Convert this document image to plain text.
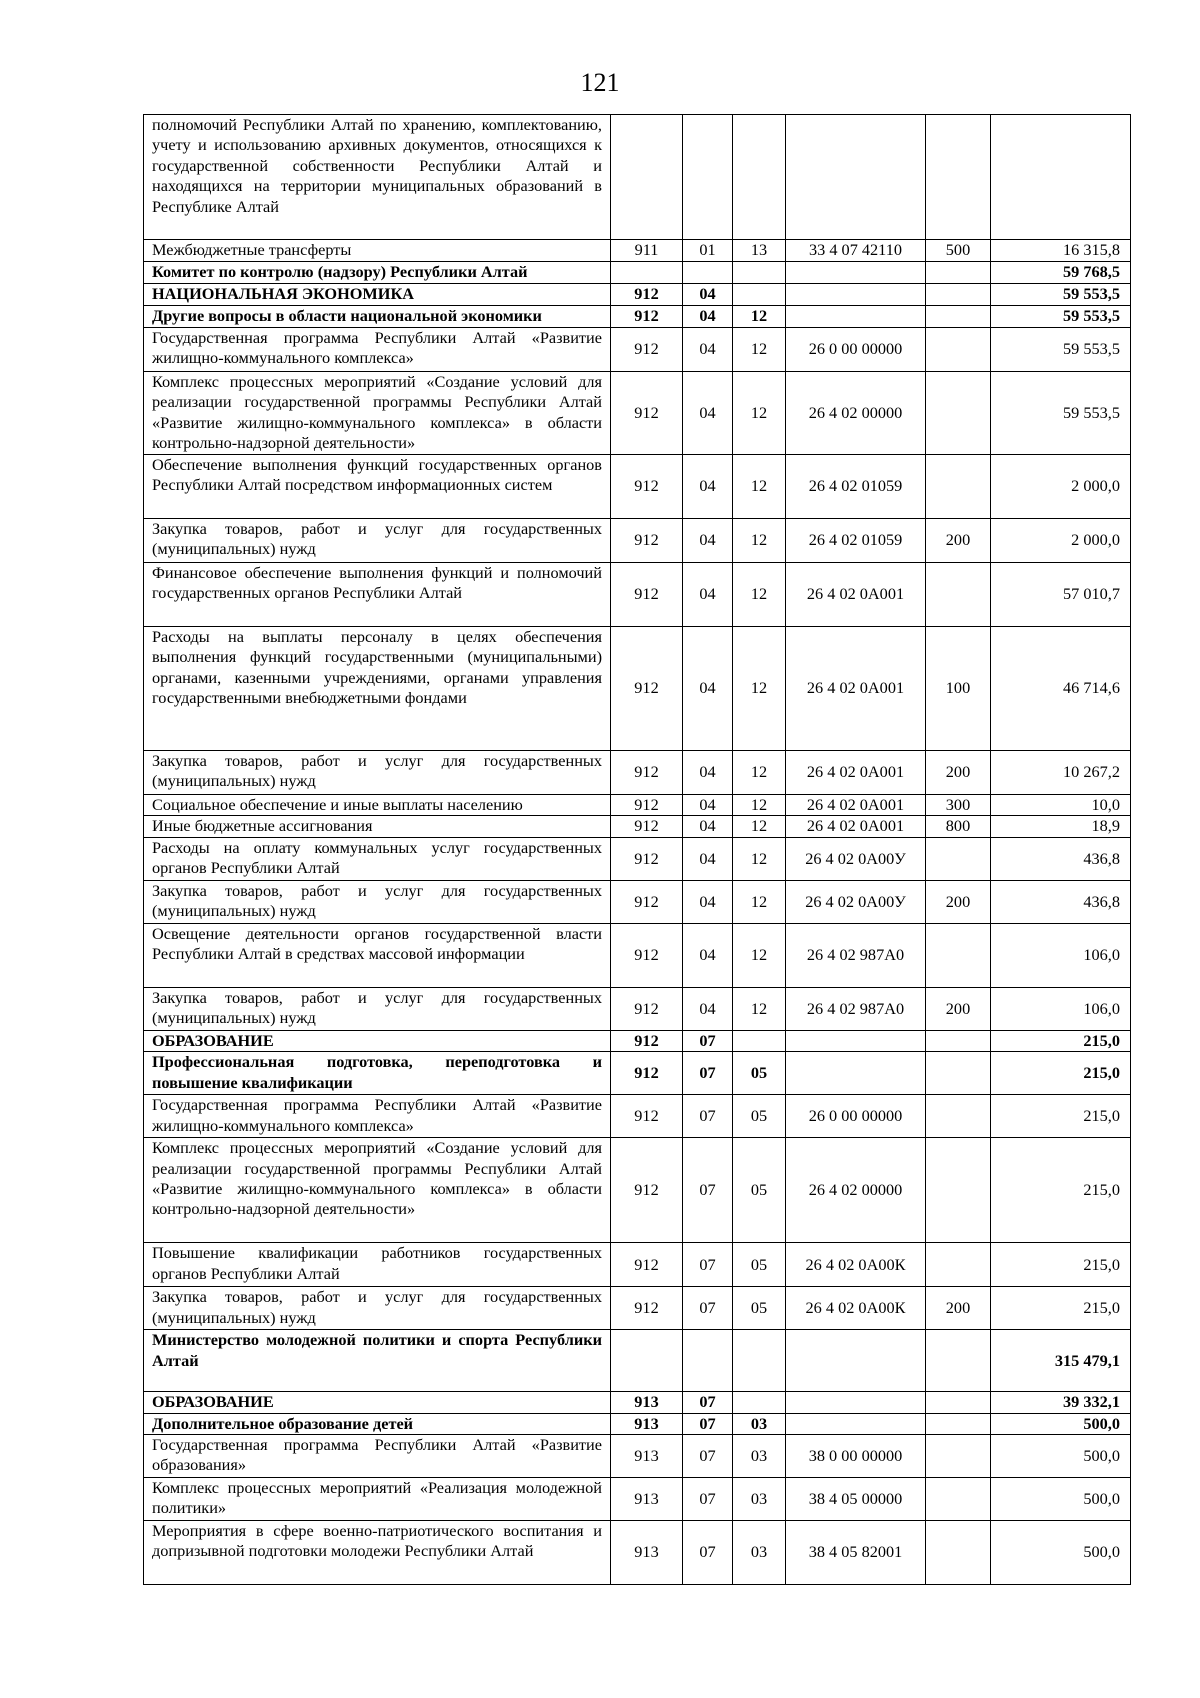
121
полномочий Республики Алтай по хранению, комплектованию, учету и использованию архивных документов, относящихся к государственной собственности Республики Алтай и находящихся на территории муниципальных образований в Республике Алтай						
Межбюджетные трансферты	911	01	13	33 4 07 42110	500	16 315,8
Комитет по контролю (надзору) Республики Алтай						59 768,5
НАЦИОНАЛЬНАЯ ЭКОНОМИКА	912	04				59 553,5
Другие вопросы в области национальной экономики	912	04	12			59 553,5
Государственная программа Республики Алтай «Развитие жилищно-коммунального комплекса»	912	04	12	26 0 00 00000		59 553,5
Комплекс процессных мероприятий «Создание условий для реализации государственной программы Республики Алтай «Развитие жилищно-коммунального комплекса» в области контрольно-надзорной деятельности»	912	04	12	26 4 02 00000		59 553,5
Обеспечение выполнения функций государственных органов Республики Алтай посредством информационных систем	912	04	12	26 4 02 01059		2 000,0
Закупка товаров, работ и услуг для государственных (муниципальных) нужд	912	04	12	26 4 02 01059	200	2 000,0
Финансовое обеспечение выполнения функций и полномочий государственных органов Республики Алтай	912	04	12	26 4 02 0А001		57 010,7
Расходы на выплаты персоналу в целях обеспечения выполнения функций государственными (муниципальными) органами, казенными учреждениями, органами управления государственными внебюджетными фондами	912	04	12	26 4 02 0А001	100	46 714,6
Закупка товаров, работ и услуг для государственных (муниципальных) нужд	912	04	12	26 4 02 0А001	200	10 267,2
Социальное обеспечение и иные выплаты населению	912	04	12	26 4 02 0А001	300	10,0
Иные бюджетные ассигнования	912	04	12	26 4 02 0А001	800	18,9
Расходы на оплату коммунальных услуг государственных органов Республики Алтай	912	04	12	26 4 02 0А00У		436,8
Закупка товаров, работ и услуг для государственных (муниципальных) нужд	912	04	12	26 4 02 0А00У	200	436,8
Освещение деятельности органов государственной власти Республики Алтай в средствах массовой информации	912	04	12	26 4 02 987А0		106,0
Закупка товаров, работ и услуг для государственных (муниципальных) нужд	912	04	12	26 4 02 987А0	200	106,0
ОБРАЗОВАНИЕ	912	07				215,0
Профессиональная подготовка, переподготовка и повышение квалификации	912	07	05			215,0
Государственная программа Республики Алтай «Развитие жилищно-коммунального комплекса»	912	07	05	26 0 00 00000		215,0
Комплекс процессных мероприятий «Создание условий для реализации государственной программы Республики Алтай «Развитие жилищно-коммунального комплекса» в области контрольно-надзорной деятельности»	912	07	05	26 4 02 00000		215,0
Повышение квалификации работников государственных органов Республики Алтай	912	07	05	26 4 02 0А00К		215,0
Закупка товаров, работ и услуг для государственных (муниципальных) нужд	912	07	05	26 4 02 0А00К	200	215,0
Министерство молодежной политики и спорта Республики Алтай						315 479,1
ОБРАЗОВАНИЕ	913	07				39 332,1
Дополнительное образование детей	913	07	03			500,0
Государственная программа Республики Алтай «Развитие образования»	913	07	03	38 0 00 00000		500,0
Комплекс процессных мероприятий «Реализация молодежной политики»	913	07	03	38 4 05 00000		500,0
Мероприятия в сфере военно-патриотического воспитания и допризывной подготовки молодежи Республики Алтай	913	07	03	38 4 05 82001		500,0
